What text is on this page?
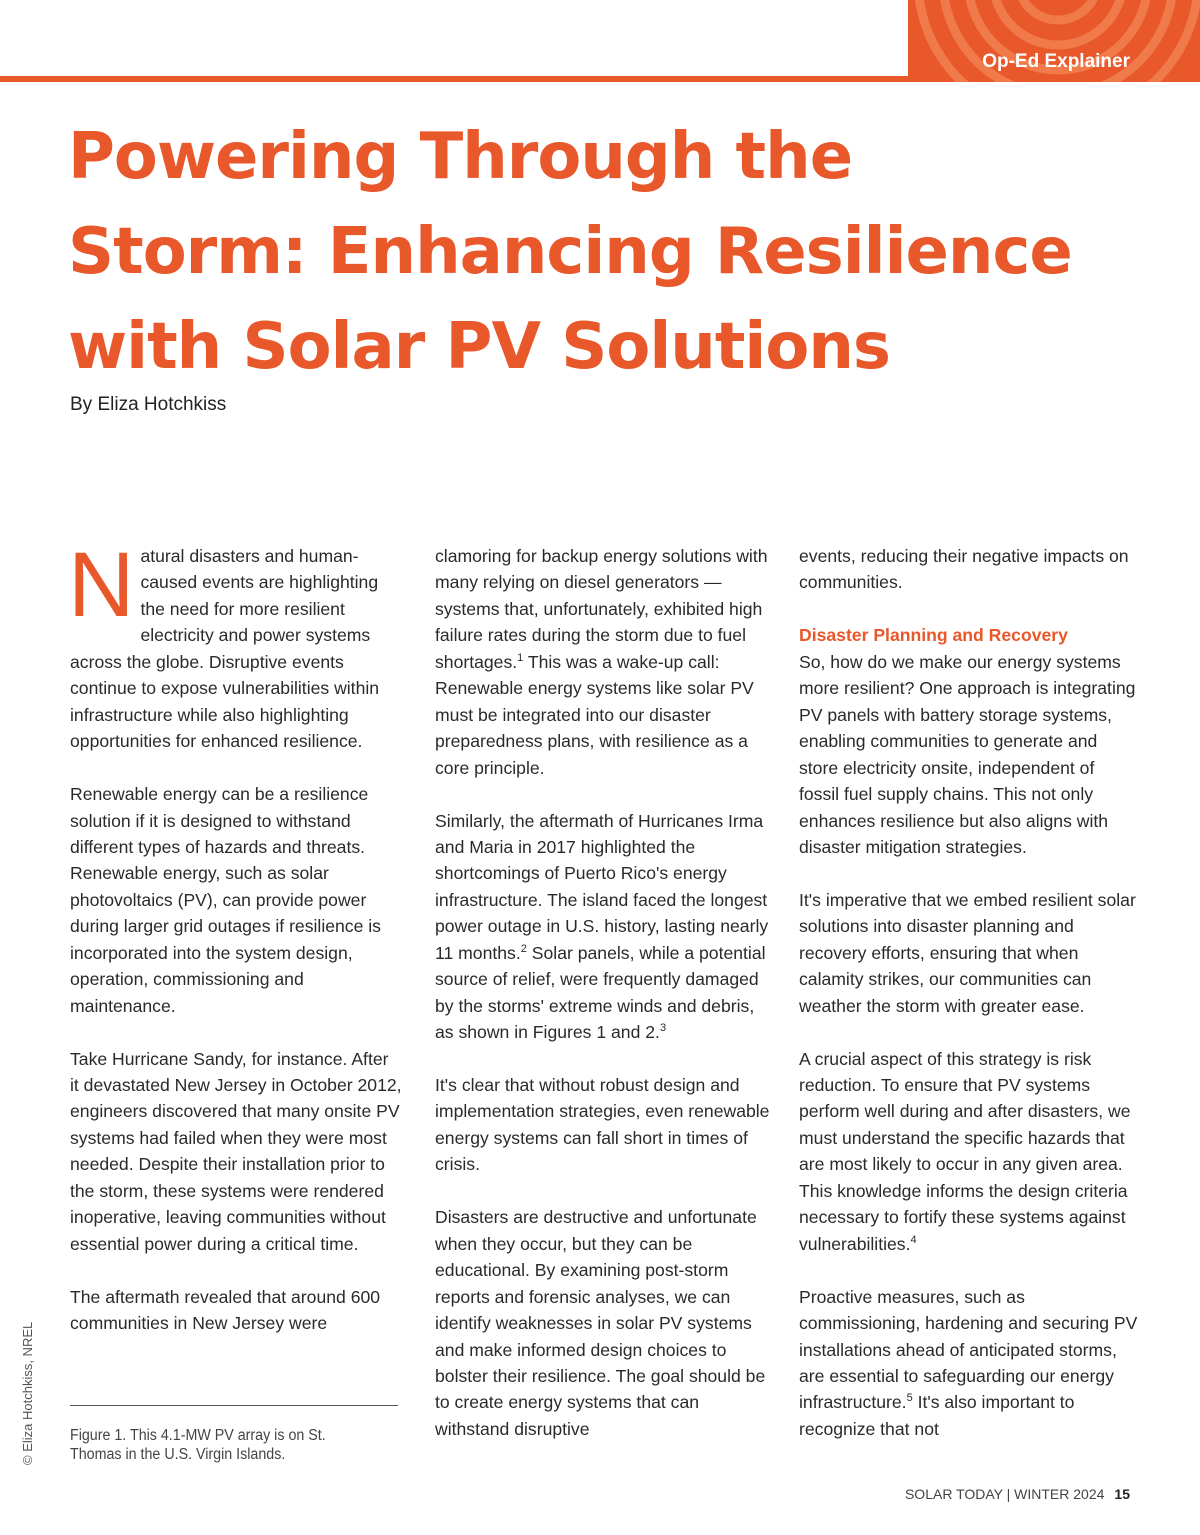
Op-Ed Explainer
Powering Through the
Storm: Enhancing Resilience
with Solar PV Solutions
By Eliza Hotchkiss

Natural disasters and human-caused events are highlighting the need for more resilient electricity and power systems across the globe. Disruptive events continue to expose vulnerabilities within infrastructure while also highlighting opportunities for enhanced resilience.

Renewable energy can be a resilience solution if it is designed to withstand different types of hazards and threats. Renewable energy, such as solar photovoltaics (PV), can provide power during larger grid outages if resilience is incorporated into the system design, operation, commissioning and maintenance.

Take Hurricane Sandy, for instance. After it devastated New Jersey in October 2012, engineers discovered that many onsite PV systems had failed when they were most needed. Despite their installation prior to the storm, these systems were rendered inoperative, leaving communities without essential power during a critical time.

The aftermath revealed that around 600 communities in New Jersey were

clamoring for backup energy solutions with many relying on diesel generators — systems that, unfortunately, exhibited high failure rates during the storm due to fuel shortages.$^1$ This was a wake-up call: Renewable energy systems like solar PV must be integrated into our disaster preparedness plans, with resilience as a core principle.

Similarly, the aftermath of Hurricanes Irma and Maria in 2017 highlighted the shortcomings of Puerto Rico's energy infrastructure. The island faced the longest power outage in U.S. history, lasting nearly 11 months.$^2$ Solar panels, while a potential source of relief, were frequently damaged by the storms' extreme winds and debris, as shown in Figures 1 and 2.$^3$

It's clear that without robust design and implementation strategies, even renewable energy systems can fall short in times of crisis.

Disasters are destructive and unfortunate when they occur, but they can be educational. By examining post-storm reports and forensic analyses, we can identify weaknesses in solar PV systems and make informed design choices to bolster their resilience. The goal should be to create energy systems that can withstand disruptive

events, reducing their negative impacts on communities.

Disaster Planning and Recovery
So, how do we make our energy systems more resilient? One approach is integrating PV panels with battery storage systems, enabling communities to generate and store electricity onsite, independent of fossil fuel supply chains. This not only enhances resilience but also aligns with disaster mitigation strategies.

It's imperative that we embed resilient solar solutions into disaster planning and recovery efforts, ensuring that when calamity strikes, our communities can weather the storm with greater ease.

A crucial aspect of this strategy is risk reduction. To ensure that PV systems perform well during and after disasters, we must understand the specific hazards that are most likely to occur in any given area. This knowledge informs the design criteria necessary to fortify these systems against vulnerabilities.$^4$

Proactive measures, such as commissioning, hardening and securing PV installations ahead of anticipated storms, are essential to safeguarding our energy infrastructure.$^5$ It's also important to recognize that not

Figure 1. This 4.1-MW PV array is on St. Thomas in the U.S. Virgin Islands.
© Eliza Hotchkiss, NREL
SOLAR TODAY | WINTER 2024 15
